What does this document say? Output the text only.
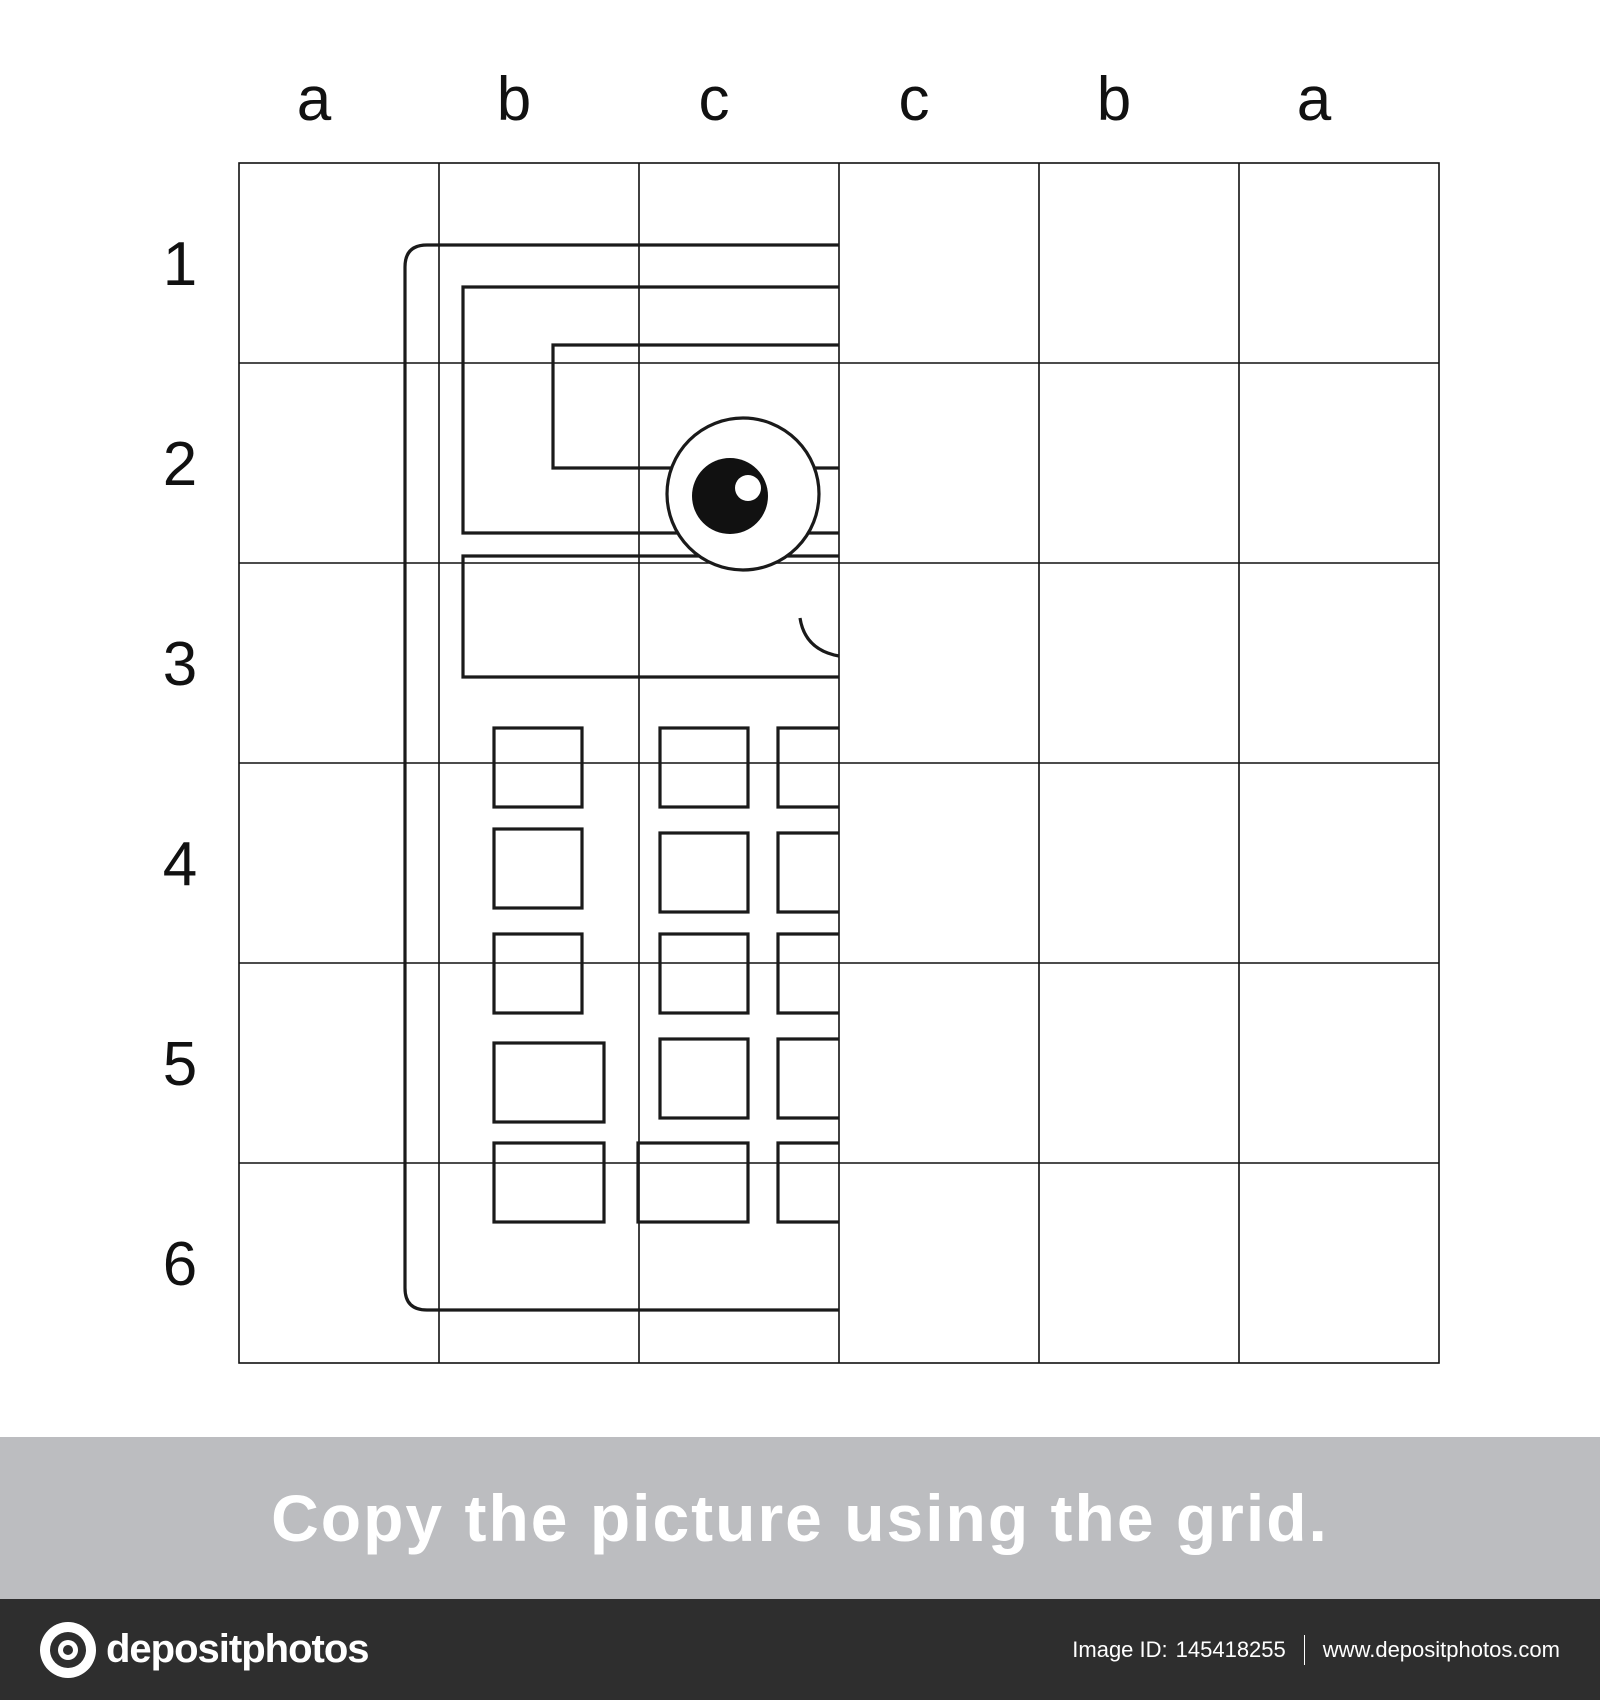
a	b	c	c	b	a
1
2
3
4
5
6
Copy the picture using the grid.
depositphotos	Image ID: 145418255 www.depositphotos.com
